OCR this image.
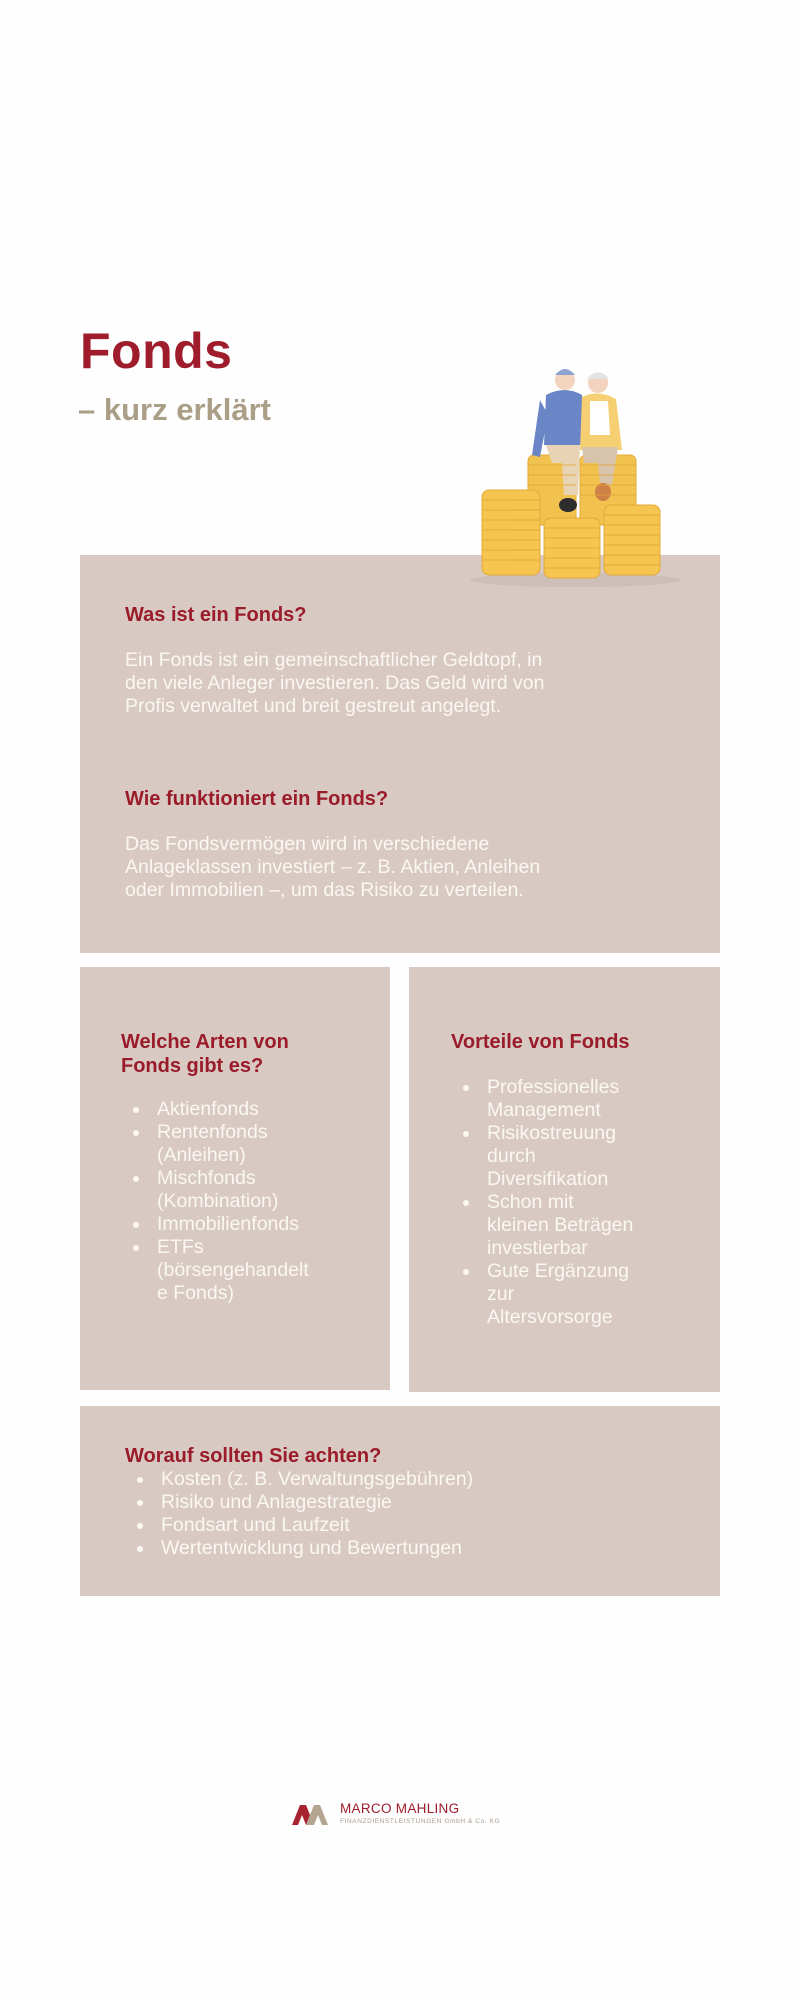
Fonds
– kurz erklärt
Was ist ein Fonds?
Ein Fonds ist ein gemeinschaftlicher Geldtopf, in
den viele Anleger investieren. Das Geld wird von
Profis verwaltet und breit gestreut angelegt.
Wie funktioniert ein Fonds?
Das Fondsvermögen wird in verschiedene
Anlageklassen investiert – z. B. Aktien, Anleihen
oder Immobilien –, um das Risiko zu verteilen.
Welche Arten von
Fonds gibt es?
Aktienfonds
Rentenfonds
(Anleihen)
Mischfonds
(Kombination)
Immobilienfonds
ETFs
(börsengehandelt
e Fonds)
Vorteile von Fonds
Professionelles
Management
Risikostreuung
durch
Diversifikation
Schon mit
kleinen Beträgen
investierbar
Gute Ergänzung
zur
Altersvorsorge
Worauf sollten Sie achten?
Kosten (z. B. Verwaltungsgebühren)
Risiko und Anlagestrategie
Fondsart und Laufzeit
Wertentwicklung und Bewertungen
MARCO MAHLING
FINANZDIENSTLEISTUNGEN GmbH & Co. KG
